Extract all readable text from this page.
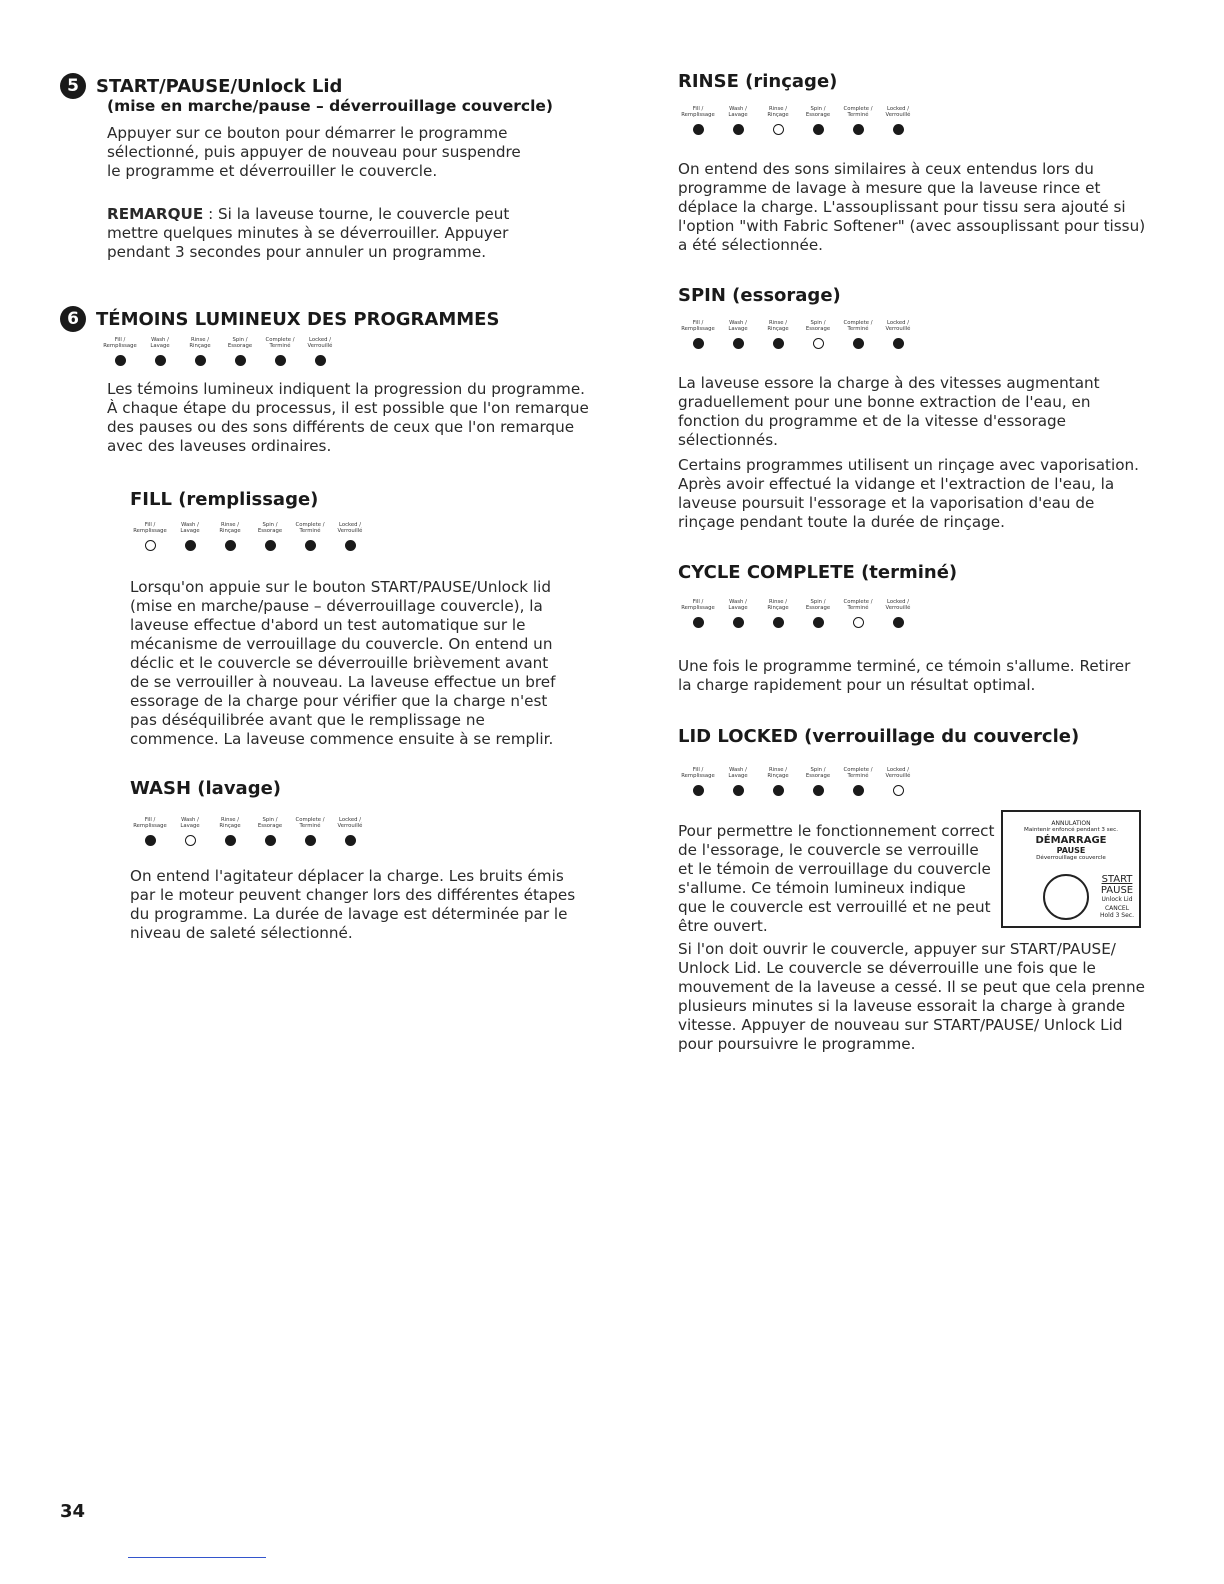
5 START/PAUSE/Unlock Lid
(mise en marche/pause – déverrouillage couvercle)

Appuyer sur ce bouton pour démarrer le programme sélectionné, puis appuyer de nouveau pour suspendre le programme et déverrouiller le couvercle.

REMARQUE : Si la laveuse tourne, le couvercle peut mettre quelques minutes à se déverrouiller. Appuyer pendant 3 secondes pour annuler un programme.

6 TÉMOINS LUMINEUX DES PROGRAMMES
Fill /
Remplissage
Wash /
Lavage
Rinse /
Rinçage
Spin /
Essorage
Complete /
Terminé
Locked /
Verrouillé

Les témoins lumineux indiquent la progression du programme. À chaque étape du processus, il est possible que l'on remarque des pauses ou des sons différents de ceux que l'on remarque avec des laveuses ordinaires.

FILL (remplissage)
Fill /
Remplissage
Wash /
Lavage
Rinse /
Rinçage
Spin /
Essorage
Complete /
Terminé
Locked /
Verrouillé

Lorsqu'on appuie sur le bouton START/PAUSE/Unlock lid (mise en marche/pause – déverrouillage couvercle), la laveuse effectue d'abord un test automatique sur le mécanisme de verrouillage du couvercle. On entend un déclic et le couvercle se déverrouille brièvement avant de se verrouiller à nouveau. La laveuse effectue un bref essorage de la charge pour vérifier que la charge n'est pas déséquilibrée avant que le remplissage ne commence. La laveuse commence ensuite à se remplir.

WASH (lavage)
Fill /
Remplissage
Wash /
Lavage
Rinse /
Rinçage
Spin /
Essorage
Complete /
Terminé
Locked /
Verrouillé

On entend l'agitateur déplacer la charge. Les bruits émis par le moteur peuvent changer lors des différentes étapes du programme. La durée de lavage est déterminée par le niveau de saleté sélectionné.

RINSE (rinçage)
Fill /
Remplissage
Wash /
Lavage
Rinse /
Rinçage
Spin /
Essorage
Complete /
Terminé
Locked /
Verrouillé

On entend des sons similaires à ceux entendus lors du programme de lavage à mesure que la laveuse rince et déplace la charge. L'assouplissant pour tissu sera ajouté si l'option "with Fabric Softener" (avec assouplissant pour tissu) a été sélectionnée.

SPIN (essorage)
Fill /
Remplissage
Wash /
Lavage
Rinse /
Rinçage
Spin /
Essorage
Complete /
Terminé
Locked /
Verrouillé

La laveuse essore la charge à des vitesses augmentant graduellement pour une bonne extraction de l'eau, en fonction du programme et de la vitesse d'essorage sélectionnés.

Certains programmes utilisent un rinçage avec vaporisation. Après avoir effectué la vidange et l'extraction de l'eau, la laveuse poursuit l'essorage et la vaporisation d'eau de rinçage pendant toute la durée de rinçage.

CYCLE COMPLETE (terminé)
Fill /
Remplissage
Wash /
Lavage
Rinse /
Rinçage
Spin /
Essorage
Complete /
Terminé
Locked /
Verrouillé

Une fois le programme terminé, ce témoin s'allume. Retirer la charge rapidement pour un résultat optimal.

LID LOCKED (verrouillage du couvercle)
Fill /
Remplissage
Wash /
Lavage
Rinse /
Rinçage
Spin /
Essorage
Complete /
Terminé
Locked /
Verrouillé

Pour permettre le fonctionnement correct de l'essorage, le couvercle se verrouille et le témoin de verrouillage du couvercle s'allume. Ce témoin lumineux indique que le couvercle est verrouillé et ne peut être ouvert.

ANNULATION
Maintenir enfoncé pendant 3 sec.
DÉMARRAGE
PAUSE
Déverrouillage couvercle
START
PAUSE
Unlock Lid
CANCEL
Hold 3 Sec.

Si l'on doit ouvrir le couvercle, appuyer sur START/PAUSE/ Unlock Lid. Le couvercle se déverrouille une fois que le mouvement de la laveuse a cessé. Il se peut que cela prenne plusieurs minutes si la laveuse essorait la charge à grande vitesse. Appuyer de nouveau sur START/PAUSE/ Unlock Lid pour poursuivre le programme.

34
